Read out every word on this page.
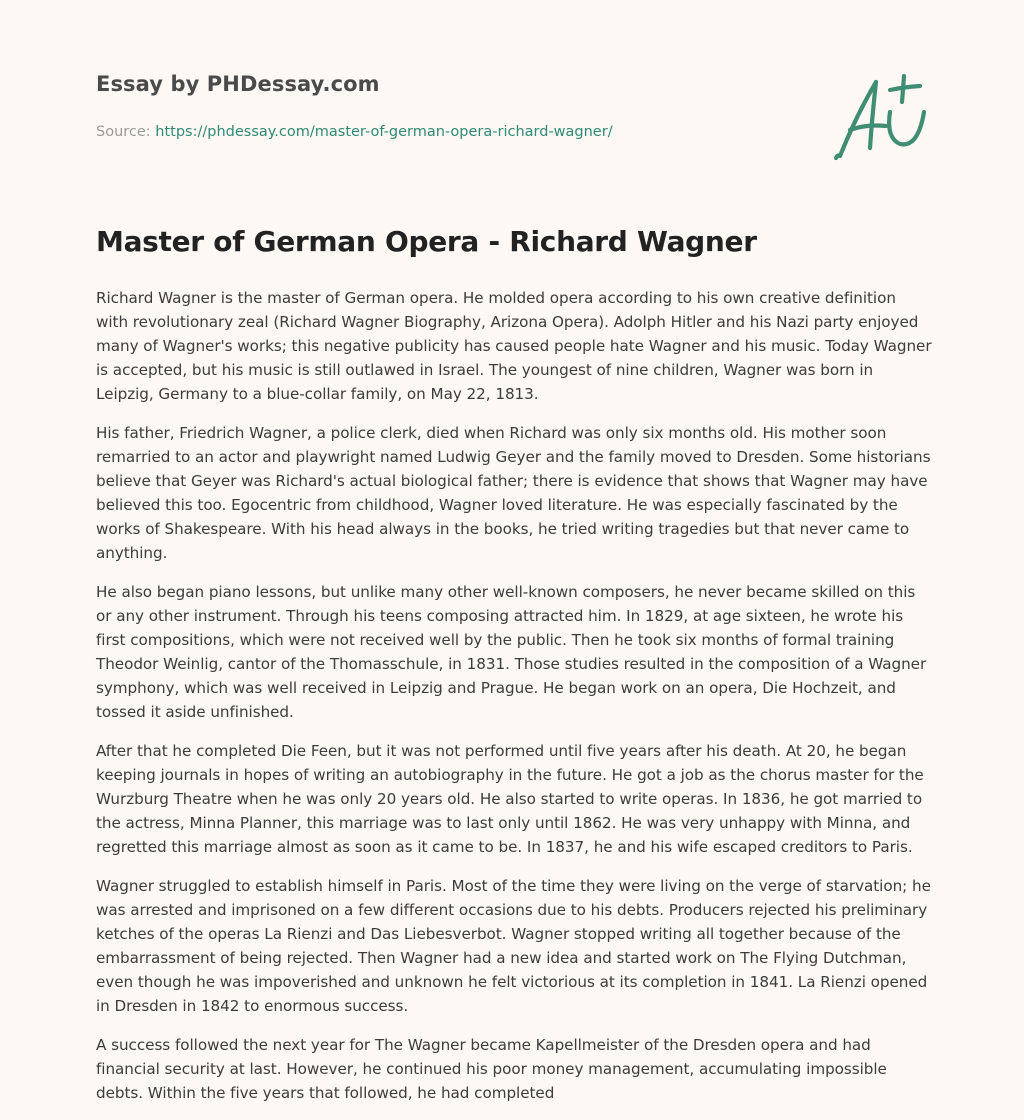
Essay by PHDessay.com
Source: https://phdessay.com/master-of-german-opera-richard-wagner/
Master of German Opera - Richard Wagner

Richard Wagner is the master of German opera. He molded opera according to his own creative definition with revolutionary zeal (Richard Wagner Biography, Arizona Opera). Adolph Hitler and his Nazi party enjoyed many of Wagner's works; this negative publicity has caused people hate Wagner and his music. Today Wagner is accepted, but his music is still outlawed in Israel. The youngest of nine children, Wagner was born in Leipzig, Germany to a blue-collar family, on May 22, 1813.

His father, Friedrich Wagner, a police clerk, died when Richard was only six months old. His mother soon remarried to an actor and playwright named Ludwig Geyer and the family moved to Dresden. Some historians believe that Geyer was Richard's actual biological father; there is evidence that shows that Wagner may have believed this too. Egocentric from childhood, Wagner loved literature. He was especially fascinated by the works of Shakespeare. With his head always in the books, he tried writing tragedies but that never came to anything.

He also began piano lessons, but unlike many other well-known composers, he never became skilled on this or any other instrument. Through his teens composing attracted him. In 1829, at age sixteen, he wrote his first compositions, which were not received well by the public. Then he took six months of formal training Theodor Weinlig, cantor of the Thomasschule, in 1831. Those studies resulted in the composition of a Wagner symphony, which was well received in Leipzig and Prague. He began work on an opera, Die Hochzeit, and tossed it aside unfinished.

After that he completed Die Feen, but it was not performed until five years after his death. At 20, he began keeping journals in hopes of writing an autobiography in the future. He got a job as the chorus master for the Wurzburg Theatre when he was only 20 years old. He also started to write operas. In 1836, he got married to the actress, Minna Planner, this marriage was to last only until 1862. He was very unhappy with Minna, and regretted this marriage almost as soon as it came to be. In 1837, he and his wife escaped creditors to Paris.

Wagner struggled to establish himself in Paris. Most of the time they were living on the verge of starvation; he was arrested and imprisoned on a few different occasions due to his debts. Producers rejected his preliminary ketches of the operas La Rienzi and Das Liebesverbot. Wagner stopped writing all together because of the embarrassment of being rejected. Then Wagner had a new idea and started work on The Flying Dutchman, even though he was impoverished and unknown he felt victorious at its completion in 1841. La Rienzi opened in Dresden in 1842 to enormous success.

A success followed the next year for The Wagner became Kapellmeister of the Dresden opera and had financial security at last. However, he continued his poor money management, accumulating impossible debts. Within the five years that followed, he had completed
